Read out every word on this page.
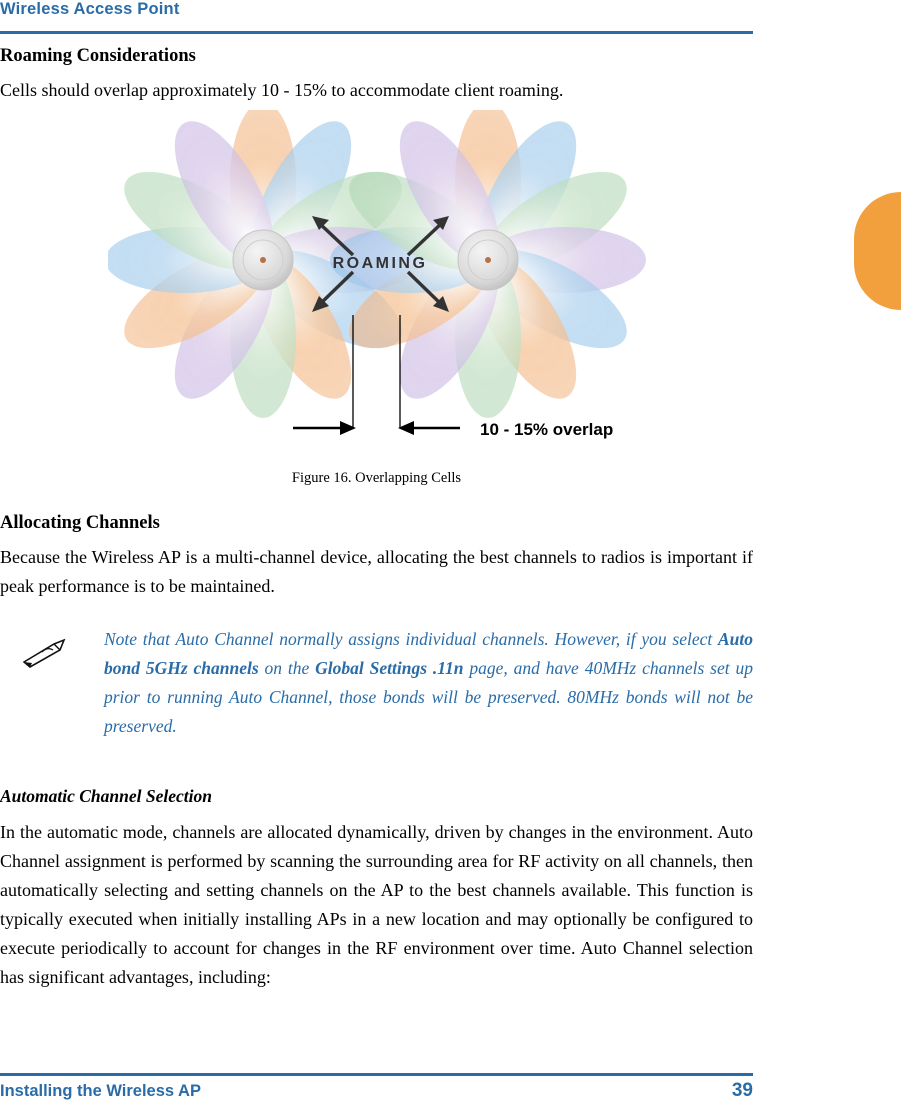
Wireless Access Point
Roaming Considerations
Cells should overlap approximately 10 - 15% to accommodate client roaming.
ROAMING
10 - 15% overlap
Figure 16. Overlapping Cells
Allocating Channels
Because the Wireless AP is a multi-channel device, allocating the best channels to radios is important if peak performance is to be maintained.
Note that Auto Channel normally assigns individual channels. However, if you select Auto bond 5GHz channels on the Global Settings .11n page, and have 40MHz channels set up prior to running Auto Channel, those bonds will be preserved. 80MHz bonds will not be preserved.
Automatic Channel Selection
In the automatic mode, channels are allocated dynamically, driven by changes in the environment. Auto Channel assignment is performed by scanning the surrounding area for RF activity on all channels, then automatically selecting and setting channels on the AP to the best channels available. This function is typically executed when initially installing APs in a new location and may optionally be configured to execute periodically to account for changes in the RF environment over time. Auto Channel selection has significant advantages, including:
Installing the Wireless AP	39
